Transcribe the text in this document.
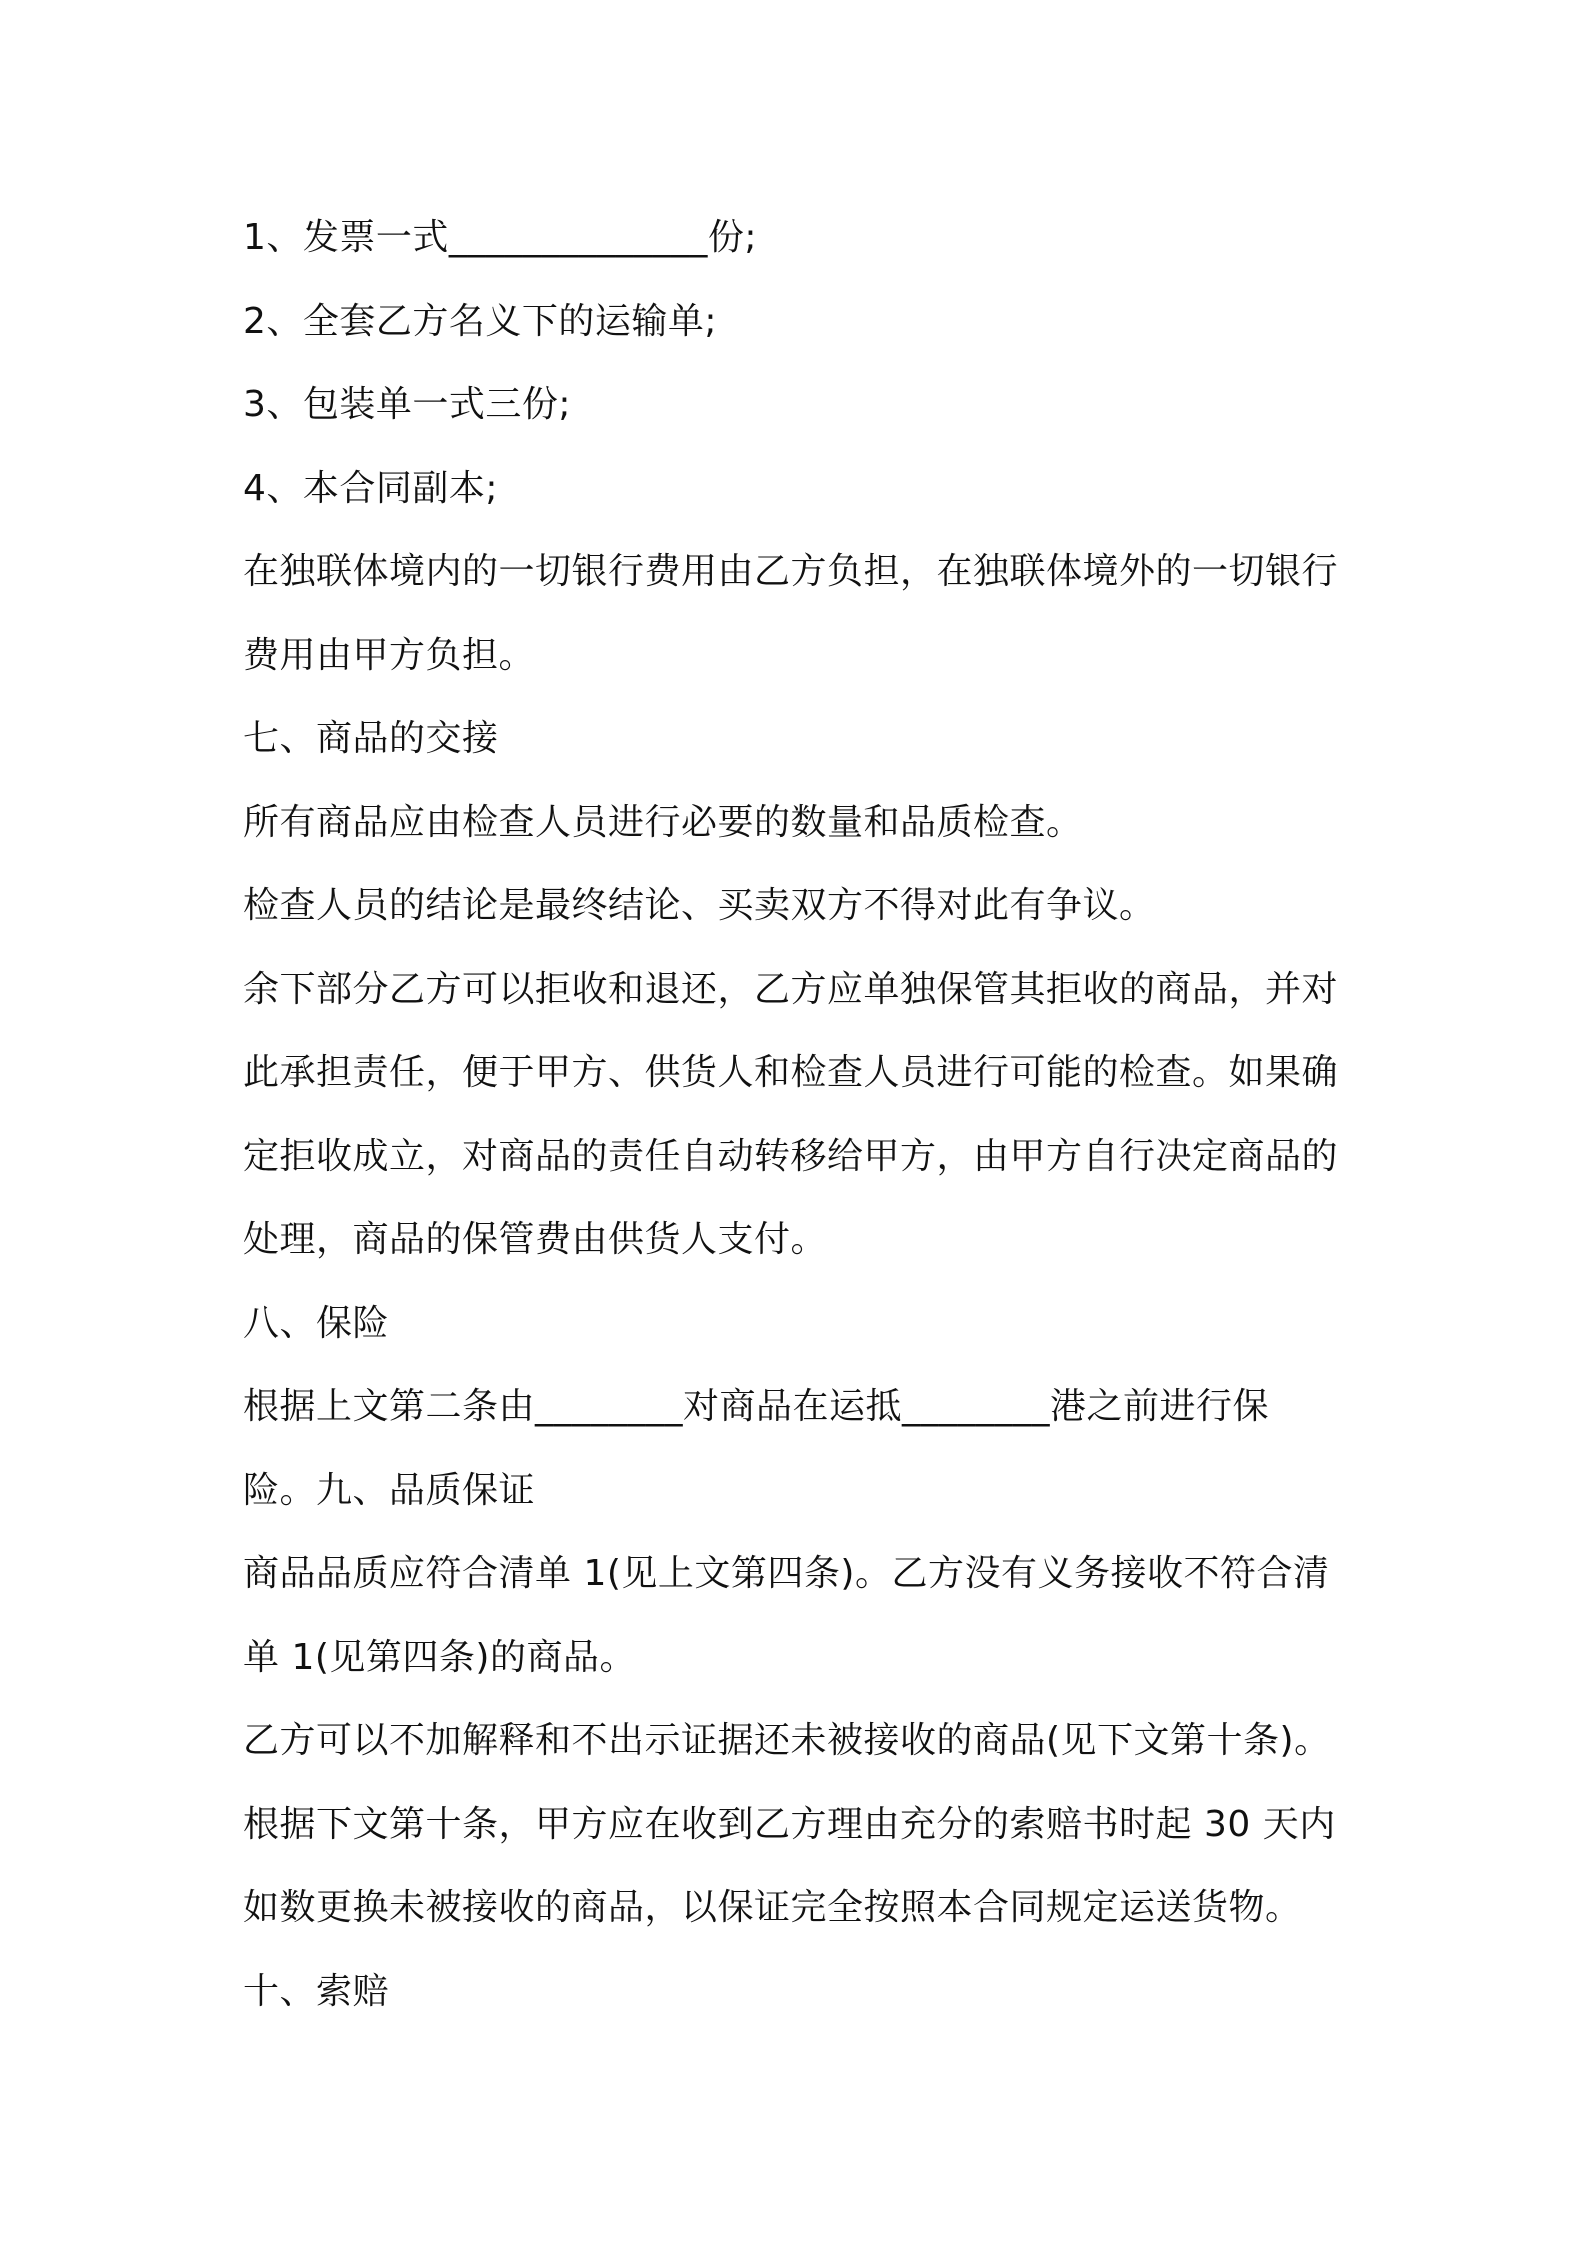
1、发票一式______________份;
2、全套乙方名义下的运输单;
3、包装单一式三份;
4、本合同副本;
在独联体境内的一切银行费用由乙方负担，在独联体境外的一切银行
费用由甲方负担。
七、商品的交接
所有商品应由检查人员进行必要的数量和品质检查。
检查人员的结论是最终结论、买卖双方不得对此有争议。
余下部分乙方可以拒收和退还，乙方应单独保管其拒收的商品，并对
此承担责任，便于甲方、供货人和检查人员进行可能的检查。如果确
定拒收成立，对商品的责任自动转移给甲方，由甲方自行决定商品的
处理，商品的保管费由供货人支付。
八、保险
根据上文第二条由________对商品在运抵________港之前进行保
险。九、品质保证
商品品质应符合清单 1(见上文第四条)。乙方没有义务接收不符合清
单 1(见第四条)的商品。
乙方可以不加解释和不出示证据还未被接收的商品(见下文第十条)。
根据下文第十条，甲方应在收到乙方理由充分的索赔书时起 30 天内
如数更换未被接收的商品，以保证完全按照本合同规定运送货物。
十、索赔
